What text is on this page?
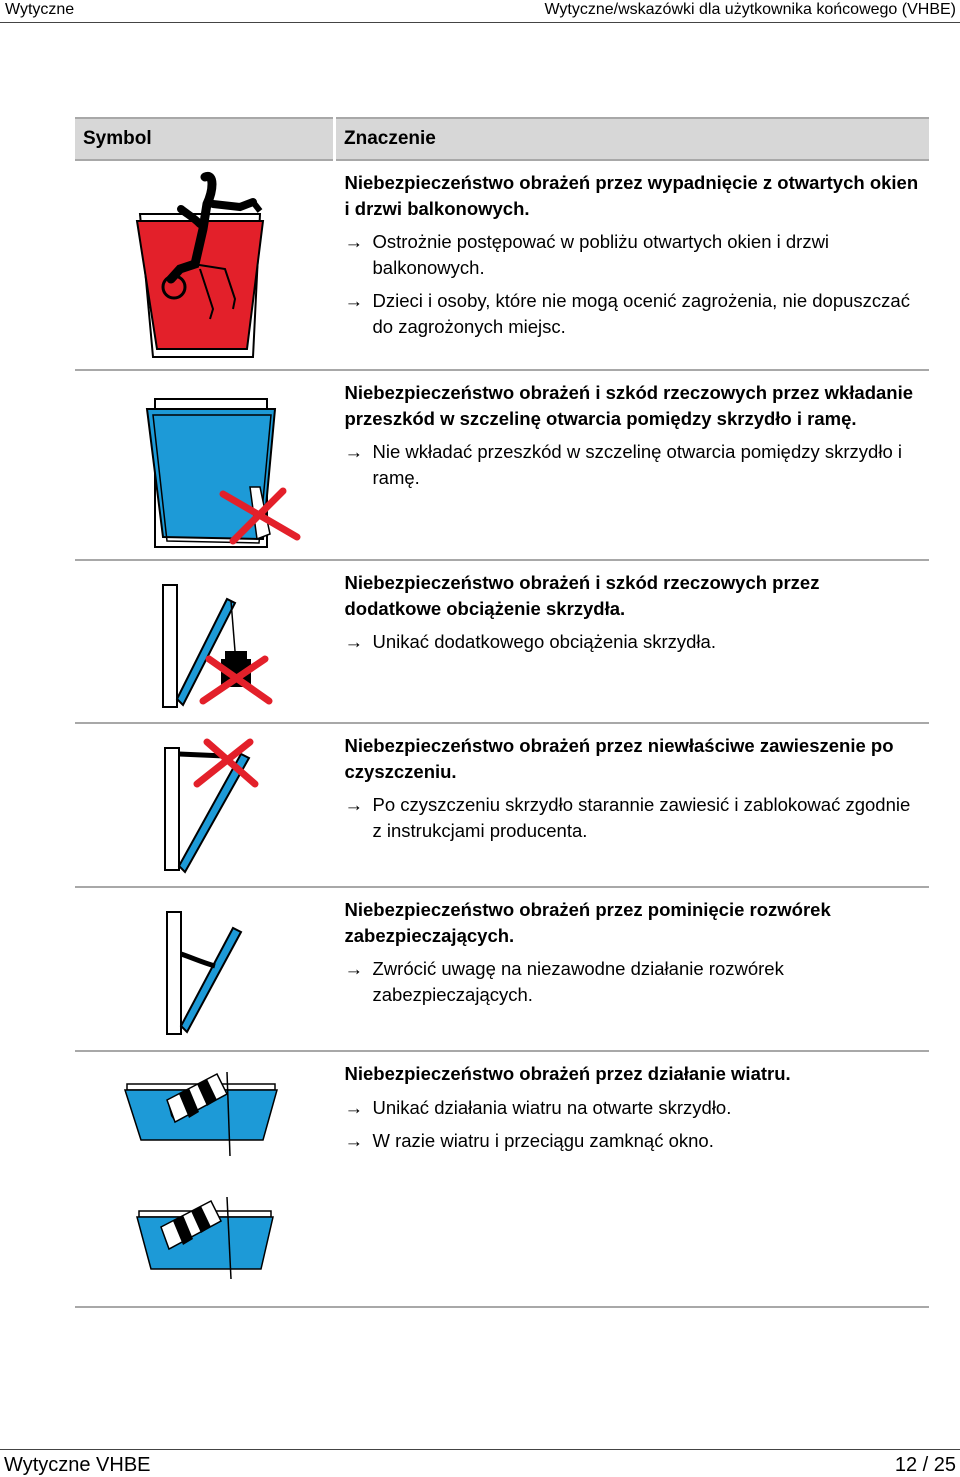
Wytyczne	Wytyczne/wskazówki dla użytkownika końcowego (VHBE)
Symbol	Znaczenie

Niebezpieczeństwo obrażeń przez wypadnięcie z otwartych okien i drzwi balkonowych.
→ Ostrożnie postępować w pobliżu otwartych okien i drzwi balkonowych.
→ Dzieci i osoby, które nie mogą ocenić zagrożenia, nie dopuszczać do zagrożonych miejsc.

Niebezpieczeństwo obrażeń i szkód rzeczowych przez wkładanie przeszkód w szczelinę otwarcia pomiędzy skrzydło i ramę.
→ Nie wkładać przeszkód w szczelinę otwarcia pomiędzy skrzydło i ramę.

Niebezpieczeństwo obrażeń i szkód rzeczowych przez dodatkowe obciążenie skrzydła.
→ Unikać dodatkowego obciążenia skrzydła.

Niebezpieczeństwo obrażeń przez niewłaściwe zawieszenie po czyszczeniu.
→ Po czyszczeniu skrzydło starannie zawiesić i zablokować zgodnie z instrukcjami producenta.

Niebezpieczeństwo obrażeń przez pominięcie rozwórek zabezpieczających.
→ Zwrócić uwagę na niezawodne działanie rozwórek zabezpieczających.

Niebezpieczeństwo obrażeń przez działanie wiatru.
→ Unikać działania wiatru na otwarte skrzydło.
→ W razie wiatru i przeciągu zamknąć okno.
Wytyczne VHBE	12 / 25
